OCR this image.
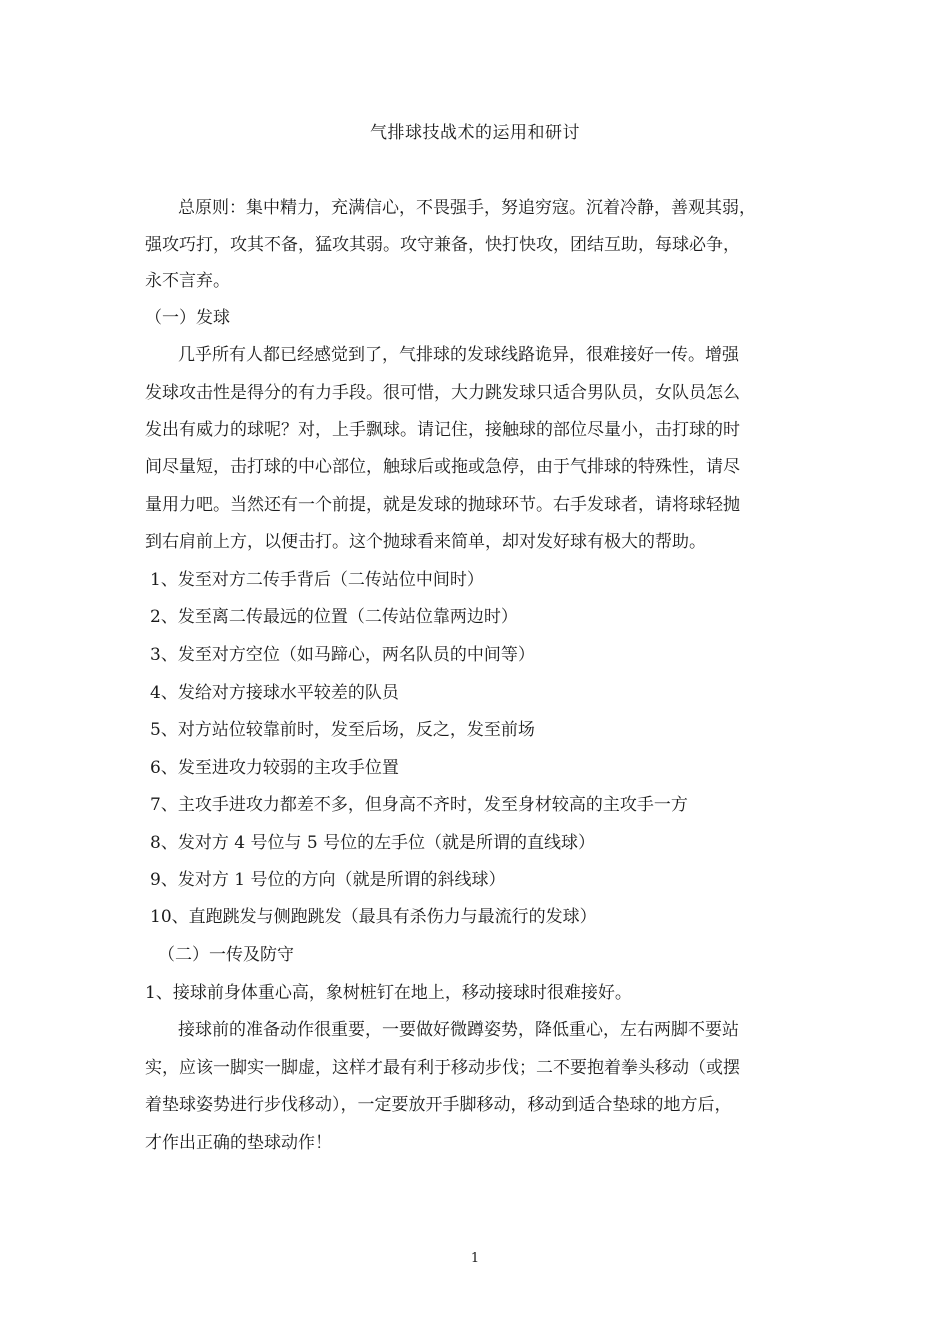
气排球技战术的运用和研讨
总原则：集中精力，充满信心，不畏强手，努追穷寇。沉着冷静，善观其弱，
强攻巧打，攻其不备，猛攻其弱。攻守兼备，快打快攻，团结互助，每球必争，
永不言弃。
（一）发球
几乎所有人都已经感觉到了，气排球的发球线路诡异，很难接好一传。增强
发球攻击性是得分的有力手段。很可惜，大力跳发球只适合男队员，女队员怎么
发出有威力的球呢？对，上手飘球。请记住，接触球的部位尽量小，击打球的时
间尽量短，击打球的中心部位，触球后或拖或急停，由于气排球的特殊性，请尽
量用力吧。当然还有一个前提，就是发球的抛球环节。右手发球者，请将球轻抛
到右肩前上方，以便击打。这个抛球看来简单，却对发好球有极大的帮助。
1、发至对方二传手背后（二传站位中间时）
2、发至离二传最远的位置（二传站位靠两边时）
3、发至对方空位（如马蹄心，两名队员的中间等）
4、发给对方接球水平较差的队员
5、对方站位较靠前时，发至后场，反之，发至前场
6、发至进攻力较弱的主攻手位置
7、主攻手进攻力都差不多，但身高不齐时，发至身材较高的主攻手一方
8、发对方 4 号位与 5 号位的左手位（就是所谓的直线球）
9、发对方 1 号位的方向（就是所谓的斜线球）
10、直跑跳发与侧跑跳发（最具有杀伤力与最流行的发球）
（二）一传及防守
1、接球前身体重心高，象树桩钉在地上，移动接球时很难接好。
接球前的准备动作很重要，一要做好微蹲姿势，降低重心，左右两脚不要站
实，应该一脚实一脚虚，这样才最有利于移动步伐；二不要抱着拳头移动（或摆
着垫球姿势进行步伐移动），一定要放开手脚移动，移动到适合垫球的地方后，
才作出正确的垫球动作！
1
